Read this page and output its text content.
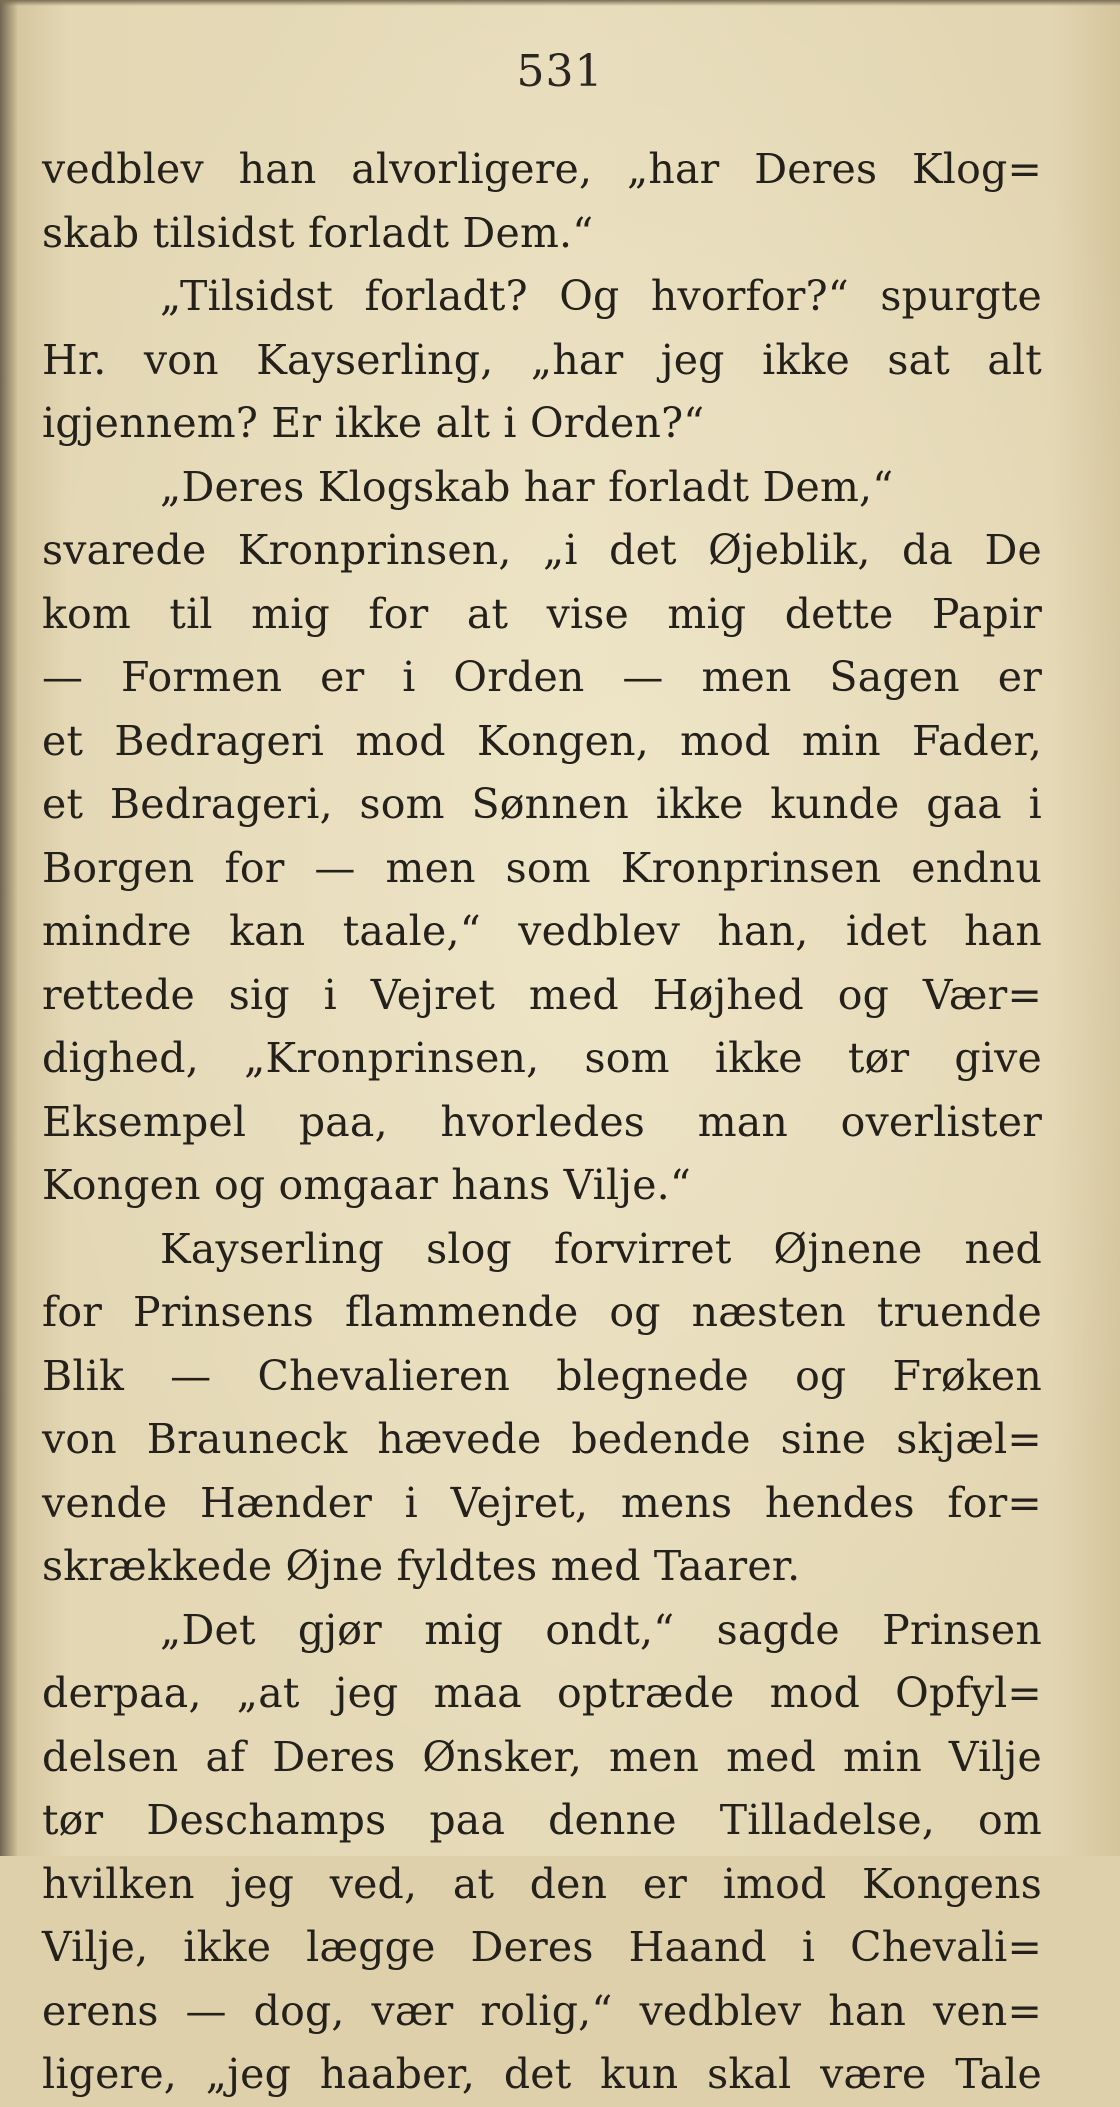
531
vedblev han alvorligere, „har Deres Klog=
skab tilsidst forladt Dem.“
„Tilsidst forladt? Og hvorfor?“ spurgte
Hr. von Kayserling, „har jeg ikke sat alt
igjennem? Er ikke alt i Orden?“
„Deres Klogskab har forladt Dem,“
svarede Kronprinsen, „i det Øjeblik, da De
kom til mig for at vise mig dette Papir
— Formen er i Orden — men Sagen er
et Bedrageri mod Kongen, mod min Fader,
et Bedrageri, som Sønnen ikke kunde gaa i
Borgen for — men som Kronprinsen endnu
mindre kan taale,“ vedblev han, idet han
rettede sig i Vejret med Højhed og Vær=
dighed, „Kronprinsen, som ikke tør give
Eksempel paa, hvorledes man overlister
Kongen og omgaar hans Vilje.“
Kayserling slog forvirret Øjnene ned
for Prinsens flammende og næsten truende
Blik — Chevalieren blegnede og Frøken
von Brauneck hævede bedende sine skjæl=
vende Hænder i Vejret, mens hendes for=
skrækkede Øjne fyldtes med Taarer.
„Det gjør mig ondt,“ sagde Prinsen
derpaa, „at jeg maa optræde mod Opfyl=
delsen af Deres Ønsker, men med min Vilje
tør Deschamps paa denne Tilladelse, om
hvilken jeg ved, at den er imod Kongens
Vilje, ikke lægge Deres Haand i Chevali=
erens — dog, vær rolig,“ vedblev han ven=
ligere, „jeg haaber, det kun skal være Tale
